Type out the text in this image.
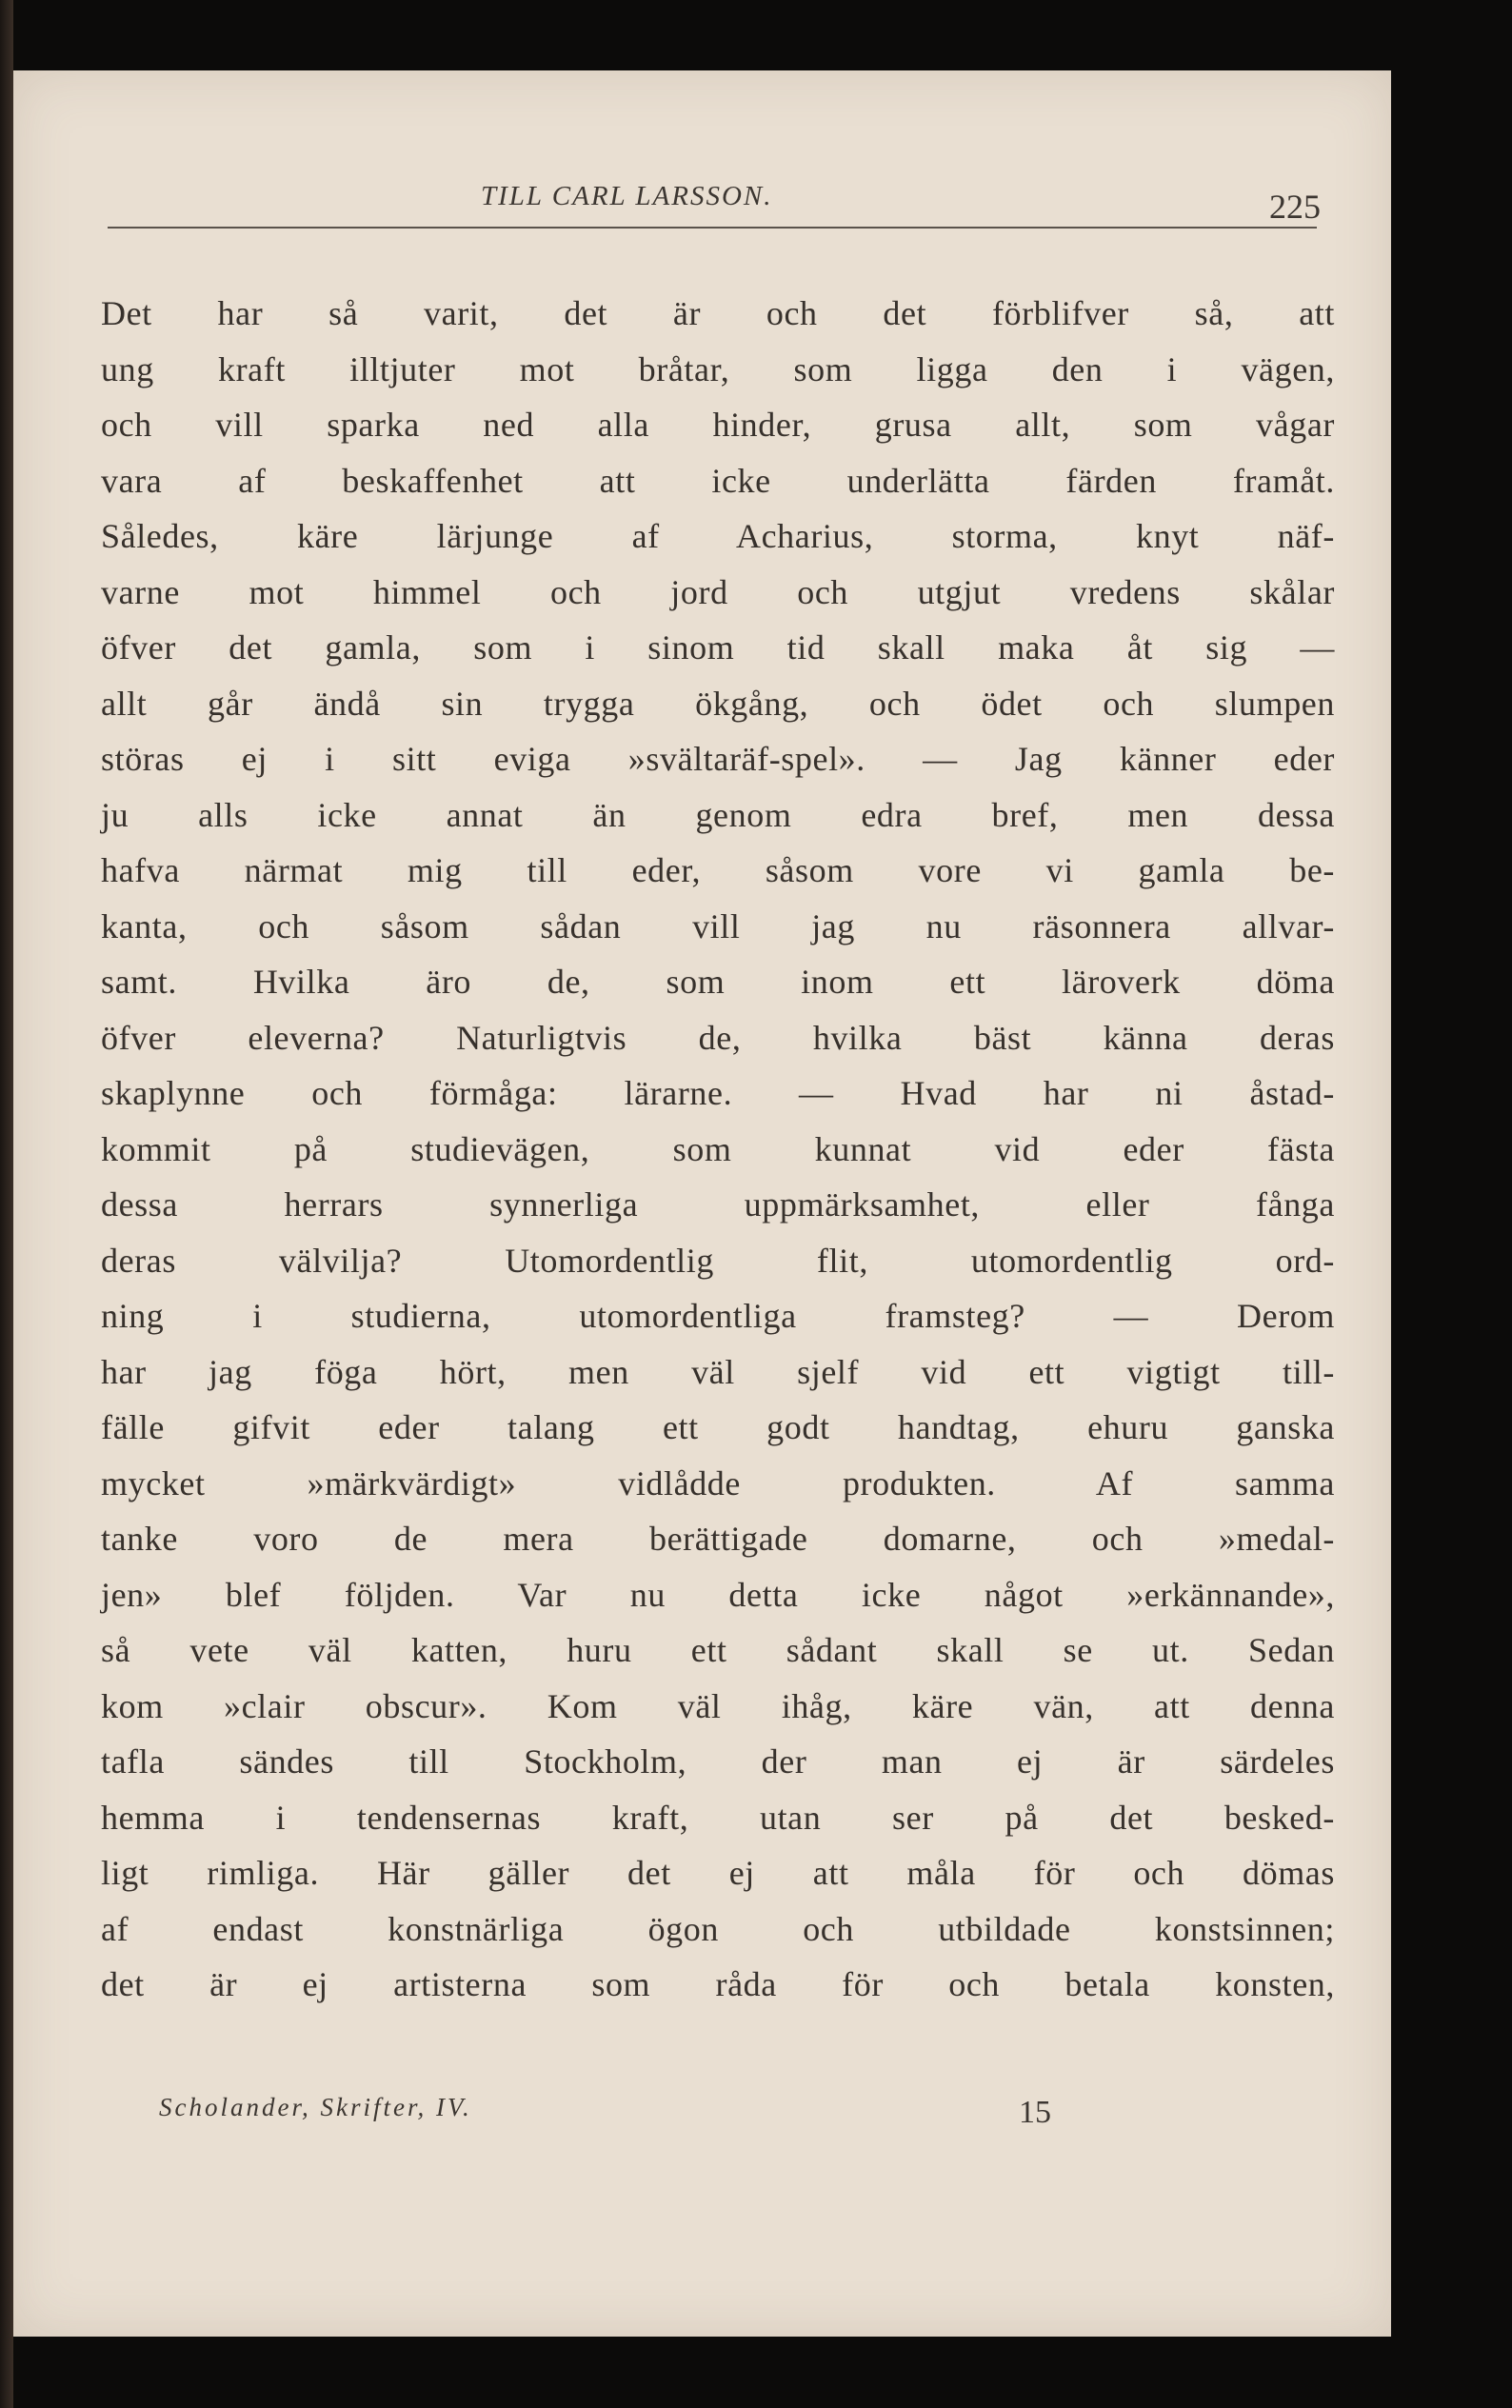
TILL CARL LARSSON.	225
Det har så varit, det är och det förblifver så, att
ung kraft illtjuter mot bråtar, som ligga den i vägen,
och vill sparka ned alla hinder, grusa allt, som vågar
vara af beskaffenhet att icke underlätta färden framåt.
Således, käre lärjunge af Acharius, storma, knyt näf-
varne mot himmel och jord och utgjut vredens skålar
öfver det gamla, som i sinom tid skall maka åt sig —
allt går ändå sin trygga ökgång, och ödet och slumpen
störas ej i sitt eviga »svältaräf-spel». — Jag känner eder
ju alls icke annat än genom edra bref, men dessa
hafva närmat mig till eder, såsom vore vi gamla be-
kanta, och såsom sådan vill jag nu räsonnera allvar-
samt. Hvilka äro de, som inom ett läroverk döma
öfver eleverna? Naturligtvis de, hvilka bäst känna deras
skaplynne och förmåga: lärarne. — Hvad har ni åstad-
kommit på studievägen, som kunnat vid eder fästa
dessa herrars synnerliga uppmärksamhet, eller fånga
deras välvilja? Utomordentlig flit, utomordentlig ord-
ning i studierna, utomordentliga framsteg? — Derom
har jag föga hört, men väl sjelf vid ett vigtigt till-
fälle gifvit eder talang ett godt handtag, ehuru ganska
mycket »märkvärdigt» vidlådde produkten. Af samma
tanke voro de mera berättigade domarne, och »medal-
jen» blef följden. Var nu detta icke något »erkännande»,
så vete väl katten, huru ett sådant skall se ut. Sedan
kom »clair obscur». Kom väl ihåg, käre vän, att denna
tafla sändes till Stockholm, der man ej är särdeles
hemma i tendensernas kraft, utan ser på det besked-
ligt rimliga. Här gäller det ej att måla för och dömas
af endast konstnärliga ögon och utbildade konstsinnen;
det är ej artisterna som råda för och betala konsten,
Scholander, Skrifter, IV.	15
